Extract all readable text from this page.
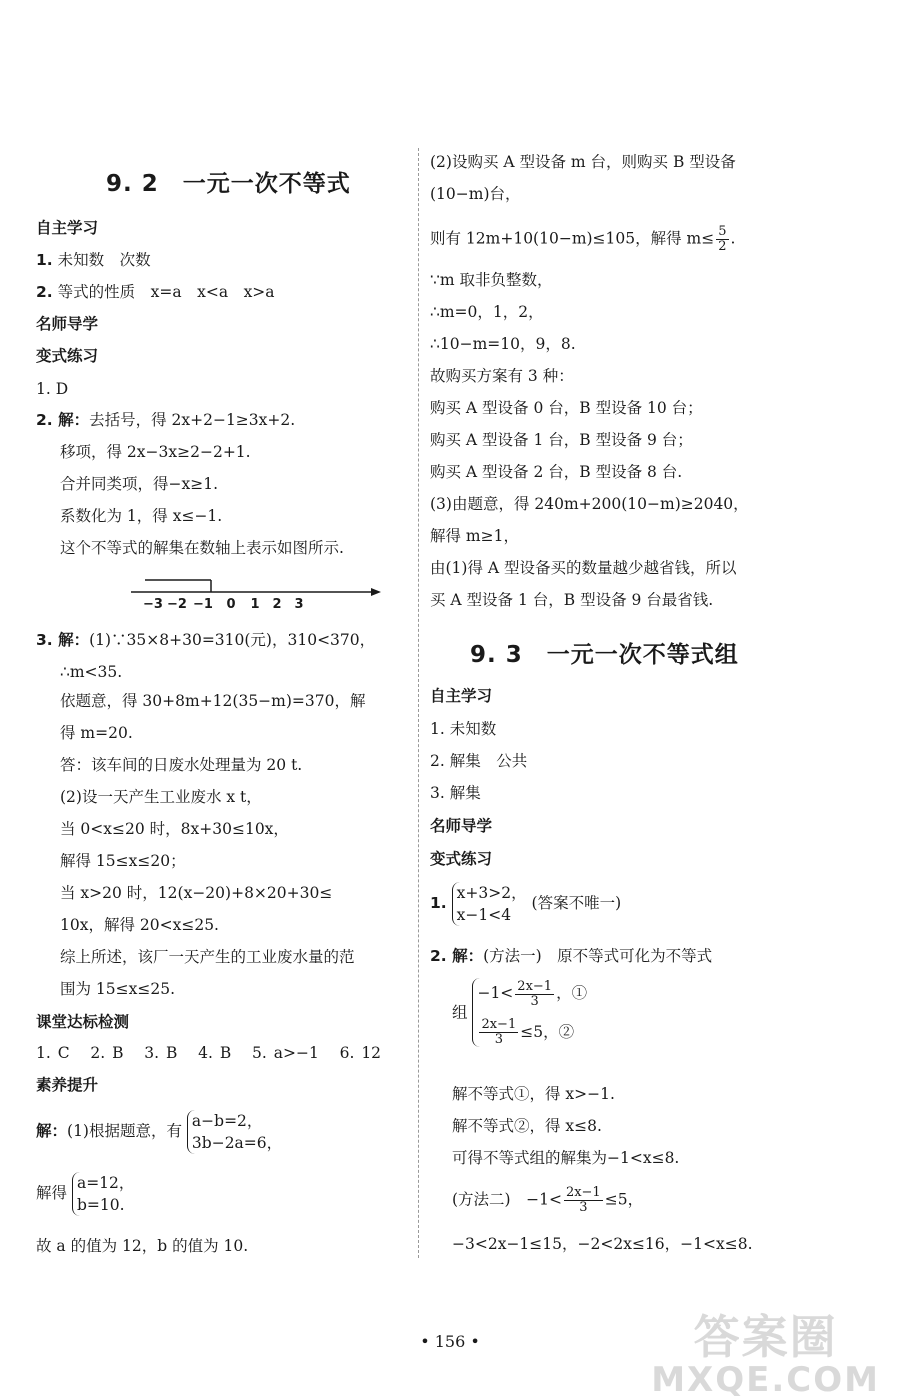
9. 2　一元一次不等式
自主学习
1. 未知数　次数
2. 等式的性质　x=a　x<a　x>a
名师导学
变式练习
1. D
2. 解：去括号，得 2x+2−1≥3x+2.
移项，得 2x−3x≥2−2+1.
合并同类项，得−x≥1.
系数化为 1，得 x≤−1.
这个不等式的解集在数轴上表示如图所示.
−3 −2 −1 0 1 2 3
3. 解：(1)∵35×8+30=310(元)，310<370，
∴m<35.
依题意，得 30+8m+12(35−m)=370，解
得 m=20.
答：该车间的日废水处理量为 20 t.
(2)设一天产生工业废水 x t，
当 0<x≤20 时，8x+30≤10x，
解得 15≤x≤20；
当 x>20 时，12(x−20)+8×20+30≤
10x，解得 20<x≤25.
综上所述，该厂一天产生的工业废水量的范
围为 15≤x≤25.
课堂达标检测
1. C 2. B 3. B 4. B 5. a>−1 6. 12
素养提升
解：(1)根据题意，有
a−b=2，
3b−2a=6，
解得
a=12，
b=10.
故 a 的值为 12，b 的值为 10.
(2)设购买 A 型设备 m 台，则购买 B 型设备
(10−m)台，
则有 12m+10(10−m)≤105，解得 $m\le \frac{5}{2}$ .
∵m 取非负整数，
∴m=0，1，2，
∴10−m=10，9，8.
故购买方案有 3 种：
购买 A 型设备 0 台，B 型设备 10 台；
购买 A 型设备 1 台，B 型设备 9 台；
购买 A 型设备 2 台，B 型设备 8 台.
(3)由题意，得 240m+200(10−m)≥2040，
解得 m≥1，
由(1)得 A 型设备买的数量越少越省钱，所以
买 A 型设备 1 台，B 型设备 9 台最省钱.
9. 3　一元一次不等式组
自主学习
1. 未知数
2. 解集　公共
3. 解集
名师导学
变式练习
1.
x+3>2，
x−1<4
(答案不唯一)
2. 解：(方法一)　原不等式可化为不等式
组
$-1< \frac{2x-1}{3}$ ，①
$\frac{2x-1}{3} \le 5$，②
解不等式①，得 x>−1.
解不等式②，得 x≤8.
可得不等式组的解集为−1<x≤8.
(方法二)　$-1< \frac{2x-1}{3} \le 5$，
−3<2x−1≤15，−2<2x≤16，−1<x≤8.
• 156 •	答案圈
MXQE.COM
